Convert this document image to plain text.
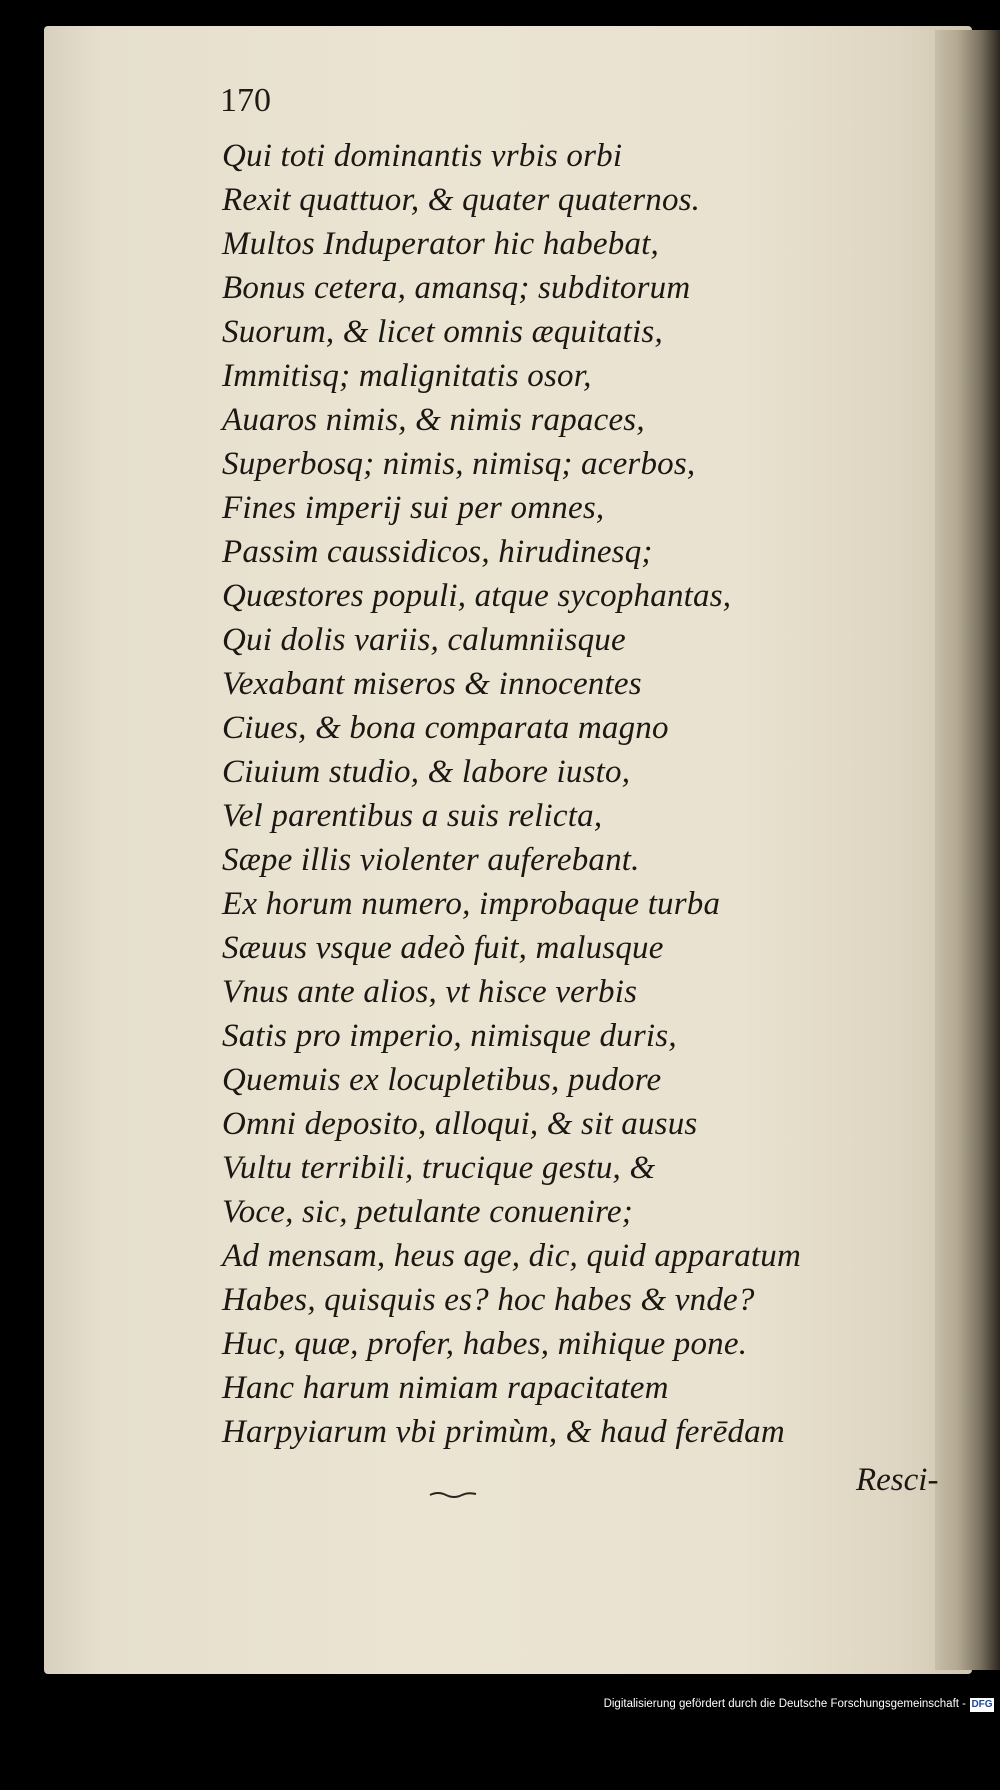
170
Qui toti dominantis vrbis orbi
Rexit quattuor, & quater quaternos.
Multos Induperator hic habebat,
Bonus cetera, amansq; subditorum
Suorum, & licet omnis æquitatis,
Immitisq; malignitatis osor,
Auaros nimis, & nimis rapaces,
Superbosq; nimis, nimisq; acerbos,
Fines imperij sui per omnes,
Passim caussidicos, hirudinesq;
Quæstores populi, atque sycophantas,
Qui dolis variis, calumniisque
Vexabant miseros & innocentes
Ciues, & bona comparata magno
Ciuium studio, & labore iusto,
Vel parentibus a suis relicta,
Sæpe illis violenter auferebant.
Ex horum numero, improbaque turba
Sæuus vsque adeò fuit, malusque
Vnus ante alios, vt hisce verbis
Satis pro imperio, nimisque duris,
Quemuis ex locupletibus, pudore
Omni deposito, alloqui, & sit ausus
Vultu terribili, trucique gestu, &
Voce, sic, petulante conuenire;
Ad mensam, heus age, dic, quid apparatum
Habes, quisquis es? hoc habes & vnde?
Huc, quæ, profer, habes, mihique pone.
Hanc harum nimiam rapacitatem
Harpyiarum vbi primùm, & haud ferēdam
Resci-
Digitalisierung gefördert durch die Deutsche Forschungsgemeinschaft - DFG
